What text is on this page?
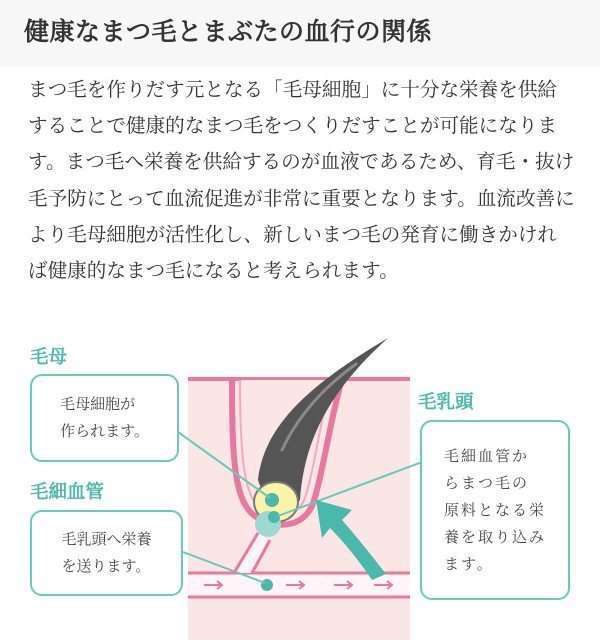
健康なまつ毛とまぶたの血行の関係

まつ毛を作りだす元となる「毛母細胞」に十分な栄養を供給することで健康的なまつ毛をつくりだすことが可能になります。まつ毛へ栄養を供給するのが血液であるため、育毛・抜け毛予防にとって血流促進が非常に重要となります。血流改善により毛母細胞が活性化し、新しいまつ毛の発育に働きかければ健康的なまつ毛になると考えられます。

毛母
毛乳頭
毛細血管
毛母細胞が
作られます。
毛乳頭へ栄養
を送ります。
毛細血管か
らまつ毛の
原料となる栄
養を取り込み
ます。
